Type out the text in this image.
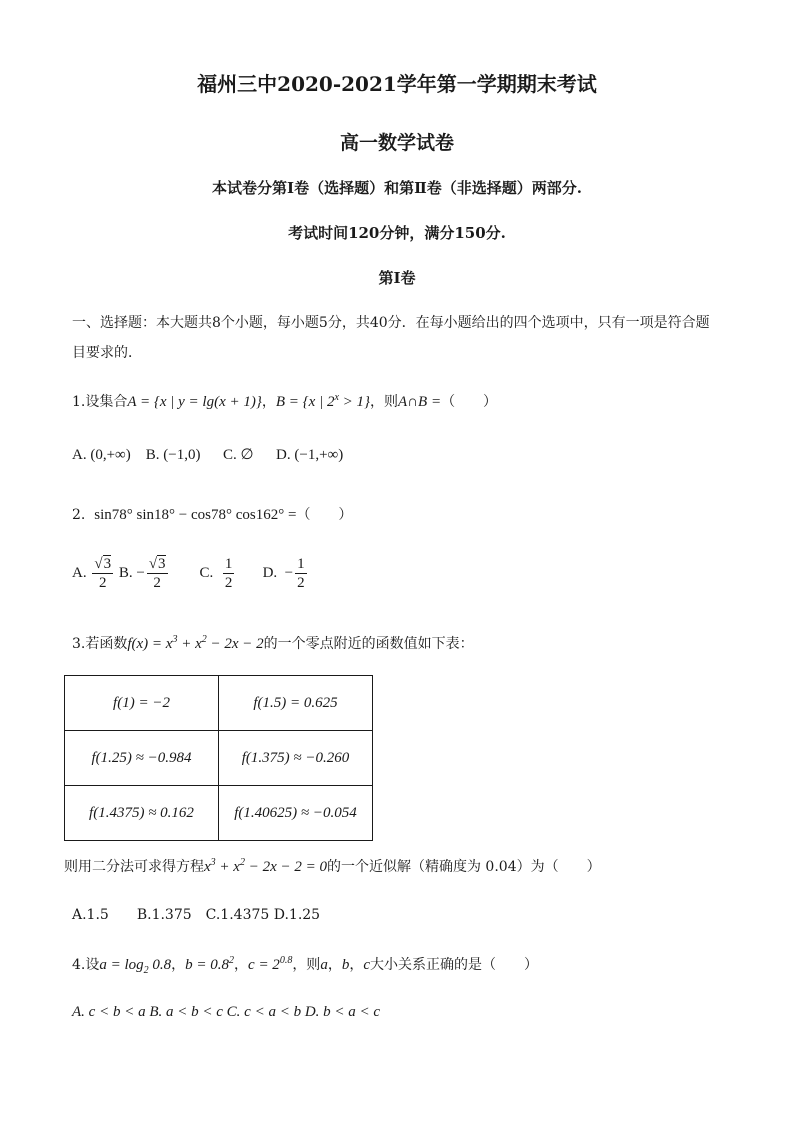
福州三中2020-2021学年第一学期期末考试
高一数学试卷
本试卷分第Ⅰ卷（选择题）和第Ⅱ卷（非选择题）两部分.
考试时间120分钟，满分150分.
第Ⅰ卷
一、选择题：本大题共8个小题，每小题5分，共40分．在每小题给出的四个选项中，只有一项是符合题
目要求的．
1.设集合A = {x | y = lg(x + 1)}，B = {x | $2^x > 1$}，则A∩B =（　　）
A. (0,+∞) B. (−1,0) C. ∅ D. (−1,+∞)
2. sin78° sin18° − cos78° cos162° =（　　）
A. $\frac{√3}{2} B$. − $\frac{√3}{2} C$. $\frac{1}{2} D$. − $\frac{1}{2}$
3.若函数$f(x) = x^3 + x^2 - 2x - 2$的一个零点附近的函数值如下表：
f(1) = −2	f(1.5) = 0.625
f(1.25) ≈ −0.984	f(1.375) ≈ −0.260
f(1.4375) ≈ 0.162	f(1.40625) ≈ −0.054
则用二分法可求得方程$x^3 + x^2 - 2x - 2 = 0$的一个近似解（精确度为 0.04）为（　　）
A.1.5　　B.1.375　C.1.4375 D.1.25
4.设$a = \log_2 0.8$，$b = 0.8^2$，$c = 2^{0.8}$，则a，b，c大小关系正确的是（　　）
A. c < b < a B. a < b < c C. c < a < b D. b < a < c
